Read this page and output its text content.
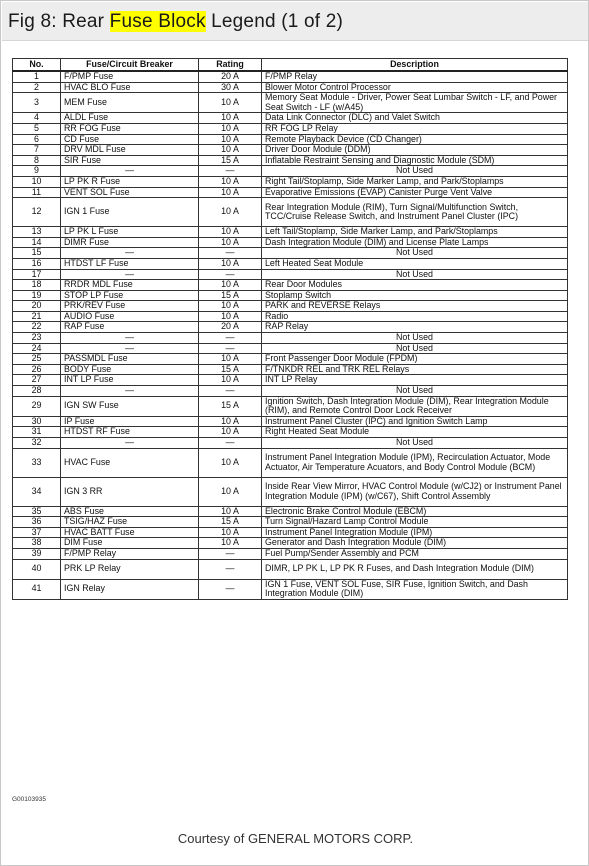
Fig 8: Rear Fuse Block Legend (1 of 2)
No.	Fuse/Circuit Breaker	Rating	Description
1	F/PMP Fuse	20 A	F/PMP Relay
2	HVAC BLO Fuse	30 A	Blower Motor Control Processor
3	MEM Fuse	10 A	Memory Seat Module - Driver, Power Seat Lumbar Switch - LF, and Power Seat Switch - LF (w/A45)
4	ALDL Fuse	10 A	Data Link Connector (DLC) and Valet Switch
5	RR FOG Fuse	10 A	RR FOG LP Relay
6	CD Fuse	10 A	Remote Playback Device (CD Changer)
7	DRV MDL Fuse	10 A	Driver Door Module (DDM)
8	SIR Fuse	15 A	Inflatable Restraint Sensing and Diagnostic Module (SDM)
9	—	—	Not Used
10	LP PK R Fuse	10 A	Right Tail/Stoplamp, Side Marker Lamp, and Park/Stoplamps
11	VENT SOL Fuse	10 A	Evaporative Emissions (EVAP) Canister Purge Vent Valve
12	IGN 1 Fuse	10 A	Rear Integration Module (RIM), Turn Signal/Multifunction Switch, TCC/Cruise Release Switch, and Instrument Panel Cluster (IPC)
13	LP PK L Fuse	10 A	Left Tail/Stoplamp, Side Marker Lamp, and Park/Stoplamps
14	DIMR Fuse	10 A	Dash Integration Module (DIM) and License Plate Lamps
15	—	—	Not Used
16	HTDST LF Fuse	10 A	Left Heated Seat Module
17	—	—	Not Used
18	RRDR MDL Fuse	10 A	Rear Door Modules
19	STOP LP Fuse	15 A	Stoplamp Switch
20	PRK/REV Fuse	10 A	PARK and REVERSE Relays
21	AUDIO Fuse	10 A	Radio
22	RAP Fuse	20 A	RAP Relay
23	—	—	Not Used
24	—	—	Not Used
25	PASSMDL Fuse	10 A	Front Passenger Door Module (FPDM)
26	BODY Fuse	15 A	F/TNKDR REL and TRK REL Relays
27	INT LP Fuse	10 A	INT LP Relay
28	—	—	Not Used
29	IGN SW Fuse	15 A	Ignition Switch, Dash Integration Module (DIM), Rear Integration Module (RIM), and Remote Control Door Lock Receiver
30	IP Fuse	10 A	Instrument Panel Cluster (IPC) and Ignition Switch Lamp
31	HTDST RF Fuse	10 A	Right Heated Seat Module
32	—	—	Not Used
33	HVAC Fuse	10 A	Instrument Panel Integration Module (IPM), Recirculation Actuator, Mode Actuator, Air Temperature Acuators, and Body Control Module (BCM)
34	IGN 3 RR	10 A	Inside Rear View Mirror, HVAC Control Module (w/CJ2) or Instrument Panel Integration Module (IPM) (w/C67), Shift Control Assembly
35	ABS Fuse	10 A	Electronic Brake Control Module (EBCM)
36	TSIG/HAZ Fuse	15 A	Turn Signal/Hazard Lamp Control Module
37	HVAC BATT Fuse	10 A	Instrument Panel Integration Module (IPM)
38	DIM Fuse	10 A	Generator and Dash Integration Module (DIM)
39	F/PMP Relay	—	Fuel Pump/Sender Assembly and PCM
40	PRK LP Relay	—	DIMR, LP PK L, LP PK R Fuses, and Dash Integration Module (DIM)
41	IGN Relay	—	IGN 1 Fuse, VENT SOL Fuse, SIR Fuse, Ignition Switch, and Dash Integration Module (DIM)
G00103935
Courtesy of GENERAL MOTORS CORP.
